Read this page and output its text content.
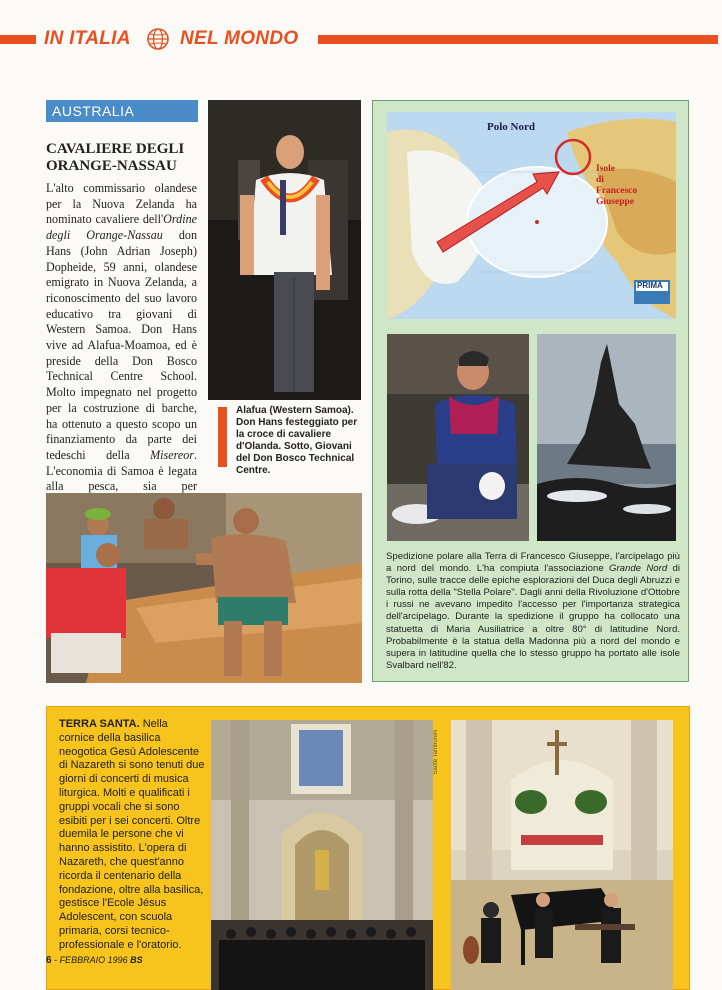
IN ITALIA	NEL MONDO
AUSTRALIA
CAVALIERE DEGLI ORANGE-NASSAU
L'alto commissario olandese per la Nuova Zelanda ha nominato cavaliere dell'Ordine degli Orange-Nassau don Hans (John Adrian Joseph) Dopheide, 59 anni, olandese emigrato in Nuova Zelanda, a riconoscimento del suo lavoro educativo tra giovani di Western Samoa. Don Hans vive ad Alafua-Moamoa, ed è preside della Don Bosco Technical Centre School. Molto impegnato nel progetto per la costruzione di barche, ha ottenuto a questo scopo un finanziamento da parte dei tedeschi della Misereor. L'economia di Samoa è legata alla pesca, sia per
Alafua (Western Samoa). Don Hans festeggiato per la croce di cavaliere d'Olanda. Sotto, Giovani del Don Bosco Technical Centre.
Polo Nord
Isole
di
Francesco Giuseppe
PRIMA
Spedizione polare alla Terra di Francesco Giuseppe, l'arcipelago più a nord del mondo. L'ha compiuta l'associazione Grande Nord di Torino, sulle tracce delle epiche esplorazioni del Duca degli Abruzzi e sulla rotta della "Stella Polare". Dagli anni della Rivoluzione d'Ottobre i russi ne avevano impedito l'accesso per l'importanza strategica dell'arcipelago. Durante la spedizione il gruppo ha collocato una statuetta di Maria Ausiliatrice a oltre 80° di latitudine Nord. Probabilmente è la statua della Madonna più a nord del mondo e supera in latitudine quella che lo stesso gruppo ha portato alle isole Svalbard nell'82.
TERRA SANTA. Nella cornice della basilica neogotica Gesù Adolescente di Nazareth si sono tenuti due giorni di concerti di musica liturgica. Molti e qualificati i gruppi vocali che si sono esibiti per i sei concerti. Oltre duemila le persone che vi hanno assistito. L'opera di Nazareth, che quest'anno ricorda il centenario della fondazione, oltre alla basilica, gestisce l'Ecole Jésus Adolescent, con scuola primaria, corsi tecnico-professionale e l'oratorio.
Sante Tamburelli
6 - FEBBRAIO 1996 BS
